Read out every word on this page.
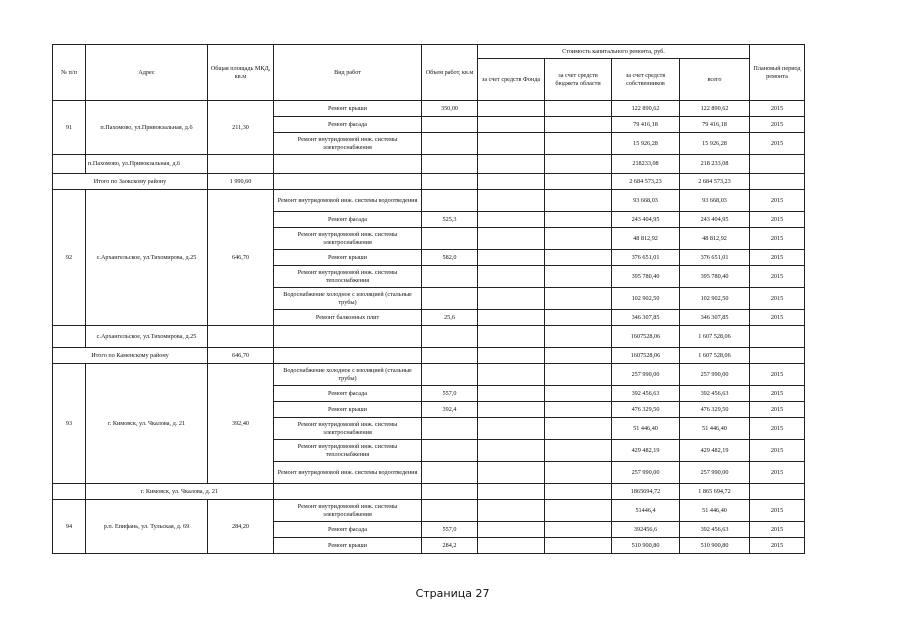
№ п/п	Адрес	Общая площадь МКД, кв.м	Вид работ	Объем работ, кв.м	Стоимость капитального ремонта, руб.				Плановый период ремонта
					за счет средств Фонда	за счет средств бюджета области	за счет средств собственников	всего	
91	п.Пахомово, ул.Привокзальная, д.6	211,30	Ремонт крыши	350,00			122 890,62	122 890,62	2015
			Ремонт фасада				79 416,18	79 416,18	2015
			Ремонт внутридомовой инж. системы электроснабжения				15 926,28	15 926,28	2015
	п.Пахомово, ул.Привокзальная, д.6						218233,08	218 233,08	
Итого по Заокскому району		1 990,60					2 684 573,23	2 684 573,23	
92	с.Архангельское, ул.Тихомирова, д.25	646,70	Ремонт внутридомовой инж. системы водоотведения				93 668,03	93 668,03	2015
			Ремонт фасада	525,3			243 404,95	243 404,95	2015
			Ремонт внутридомовой инж. системы электроснабжения				48 812,92	48 812,92	2015
			Ремонт крыши	582,0			376 651,01	376 651,01	2015
			Ремонт внутридомовой инж. системы теплоснабжения				395 780,40	395 780,40	2015
			Водоснабжение холодное с изоляцией (стальные трубы)				102 902,50	102 902,50	2015
			Ремонт балконных плит	25,6			346 307,85	346 307,85	2015
	с.Архангельское, ул.Тихомирова, д.25						1607528,06	1 607 528,06	
Итого по Каменскому району		646,70					1607528,06	1 607 528,06	
93	г. Кимовск, ул. Чкалова, д. 21	392,40	Водоснабжение холодное с изоляцией (стальные трубы)				257 990,00	257 990,00	2015
			Ремонт фасада	557,0			392 456,63	392 456,63	2015
			Ремонт крыши	392,4			476 329,50	476 329,50	2015
			Ремонт внутридомовой инж. системы электроснабжения				51 446,40	51 446,40	2015
			Ремонт внутридомовой инж. системы теплоснабжения				429 482,19	429 482,19	2015
			Ремонт внутридомовой инж. системы водоотведения				257 990,00	257 990,00	2015
	г. Кимовск, ул. Чкалова, д. 21						1865694,72	1 865 694,72	
94	р.п. Епифань, ул. Тульская, д. 69	284,20	Ремонт внутридомовой инж. системы электроснабжения				51446,4	51 446,40	2015
			Ремонт фасада	557,0			392456,6	392 456,63	2015
			Ремонт крыши	284,2			510 900,80	510 900,80	2015
Страница 27
